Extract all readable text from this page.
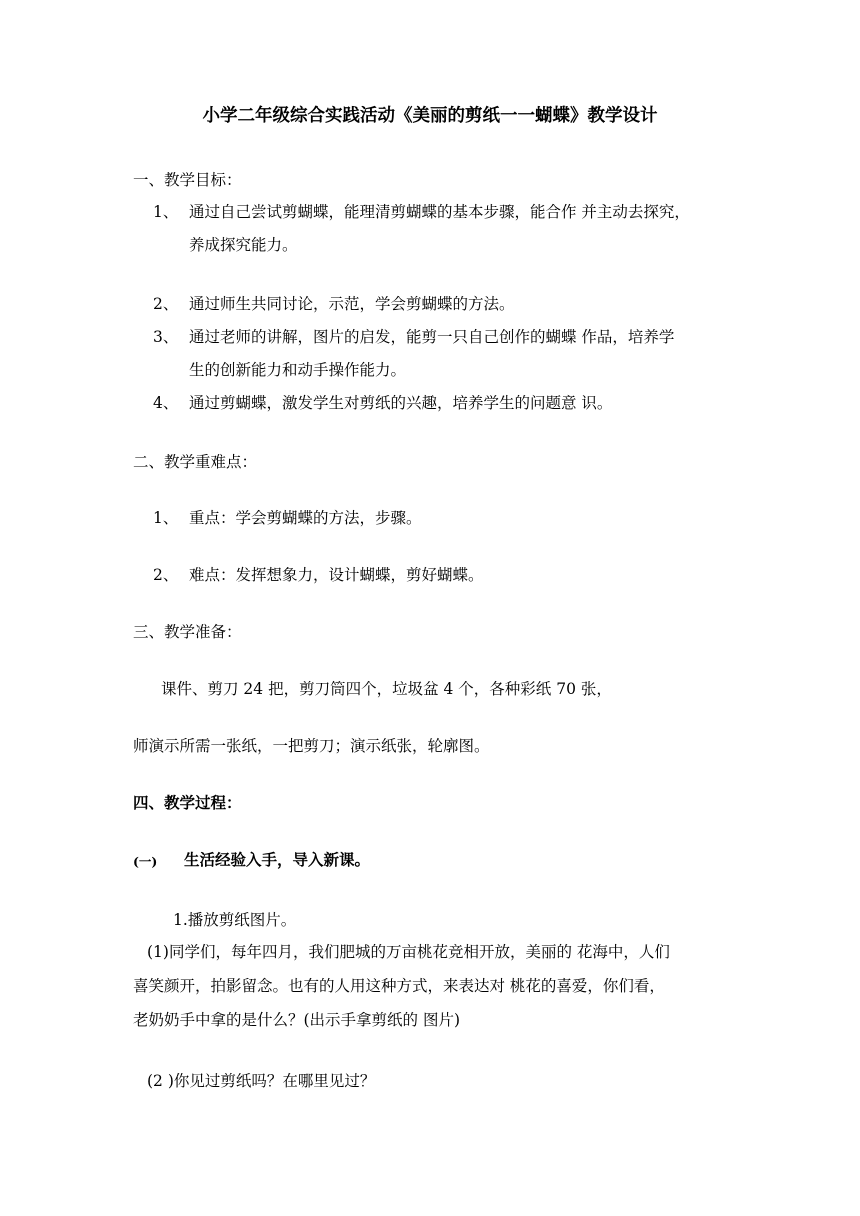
小学二年级综合实践活动《美丽的剪纸一一蝴蝶》教学设计
一、教学目标：
1、 通过自己尝试剪蝴蝶，能理清剪蝴蝶的基本步骤，能合作 并主动去探究，
养成探究能力。
2、 通过师生共同讨论，示范，学会剪蝴蝶的方法。
3、 通过老师的讲解，图片的启发，能剪一只自己创作的蝴蝶 作品，培养学
生的创新能力和动手操作能力。
4、 通过剪蝴蝶，激发学生对剪纸的兴趣，培养学生的问题意 识。
二、教学重难点：
1、 重点：学会剪蝴蝶的方法，步骤。
2、 难点：发挥想象力，设计蝴蝶，剪好蝴蝶。
三、教学准备：
课件、剪刀 24 把，剪刀筒四个，垃圾盆 4 个，各种彩纸 70 张，
师演示所需一张纸，一把剪刀；演示纸张，轮廓图。
四、教学过程：
(一) 生活经验入手，导入新课。
1.播放剪纸图片。
(1)同学们，每年四月，我们肥城的万亩桃花竞相开放，美丽的 花海中，人们
喜笑颜开，拍影留念。也有的人用这种方式，来表达对 桃花的喜爱，你们看，
老奶奶手中拿的是什么？(出示手拿剪纸的 图片)
(2 )你见过剪纸吗？在哪里见过？
